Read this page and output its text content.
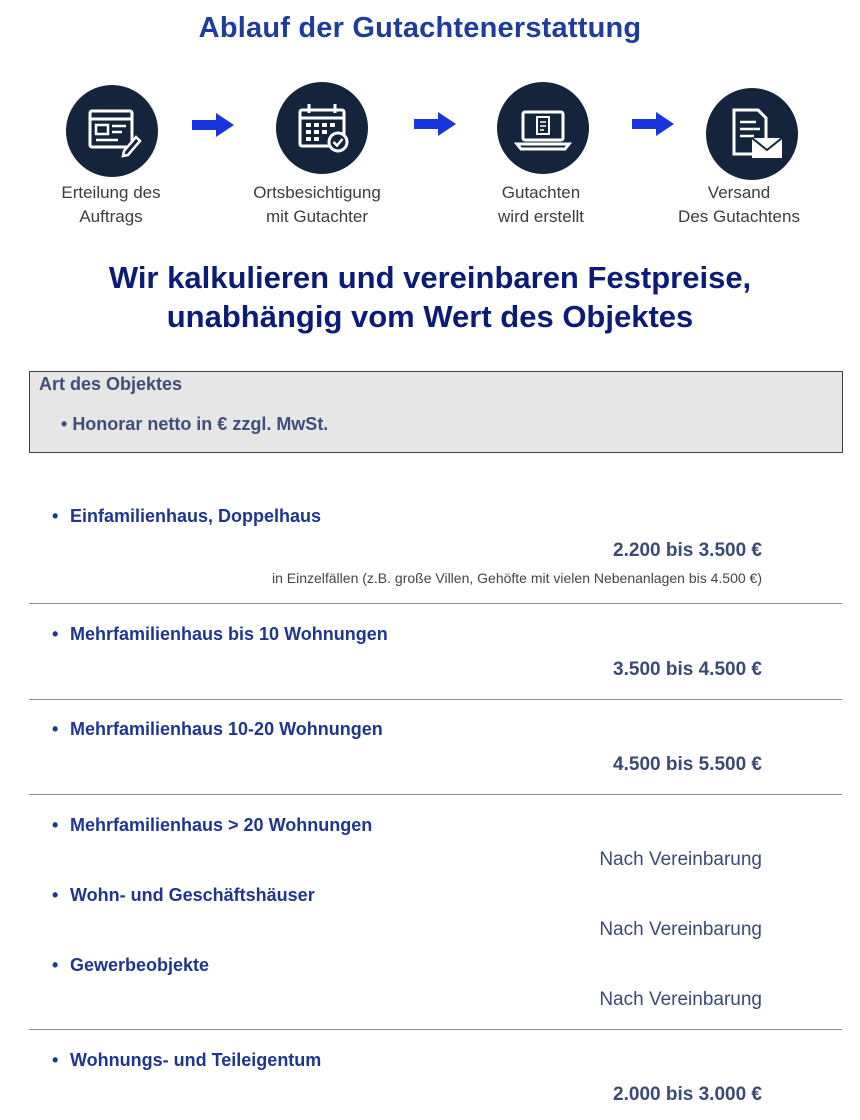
Ablauf der Gutachtenerstattung
Erteilung des
Auftrags
Ortsbesichtigung
mit Gutachter
Gutachten
wird erstellt
Versand
Des Gutachtens
Wir kalkulieren und vereinbaren Festpreise,
unabhängig vom Wert des Objektes
Art des Objektes
• Honorar netto in € zzgl. MwSt.
• Einfamilienhaus, Doppelhaus
2.200 bis 3.500 €
in Einzelfällen (z.B. große Villen, Gehöfte mit vielen Nebenanlagen bis 4.500 €)
• Mehrfamilienhaus bis 10 Wohnungen
3.500 bis 4.500 €
• Mehrfamilienhaus 10-20 Wohnungen
4.500 bis 5.500 €
• Mehrfamilienhaus > 20 Wohnungen
Nach Vereinbarung
• Wohn- und Geschäftshäuser
Nach Vereinbarung
• Gewerbeobjekte
Nach Vereinbarung
• Wohnungs- und Teileigentum
2.000 bis 3.000 €
